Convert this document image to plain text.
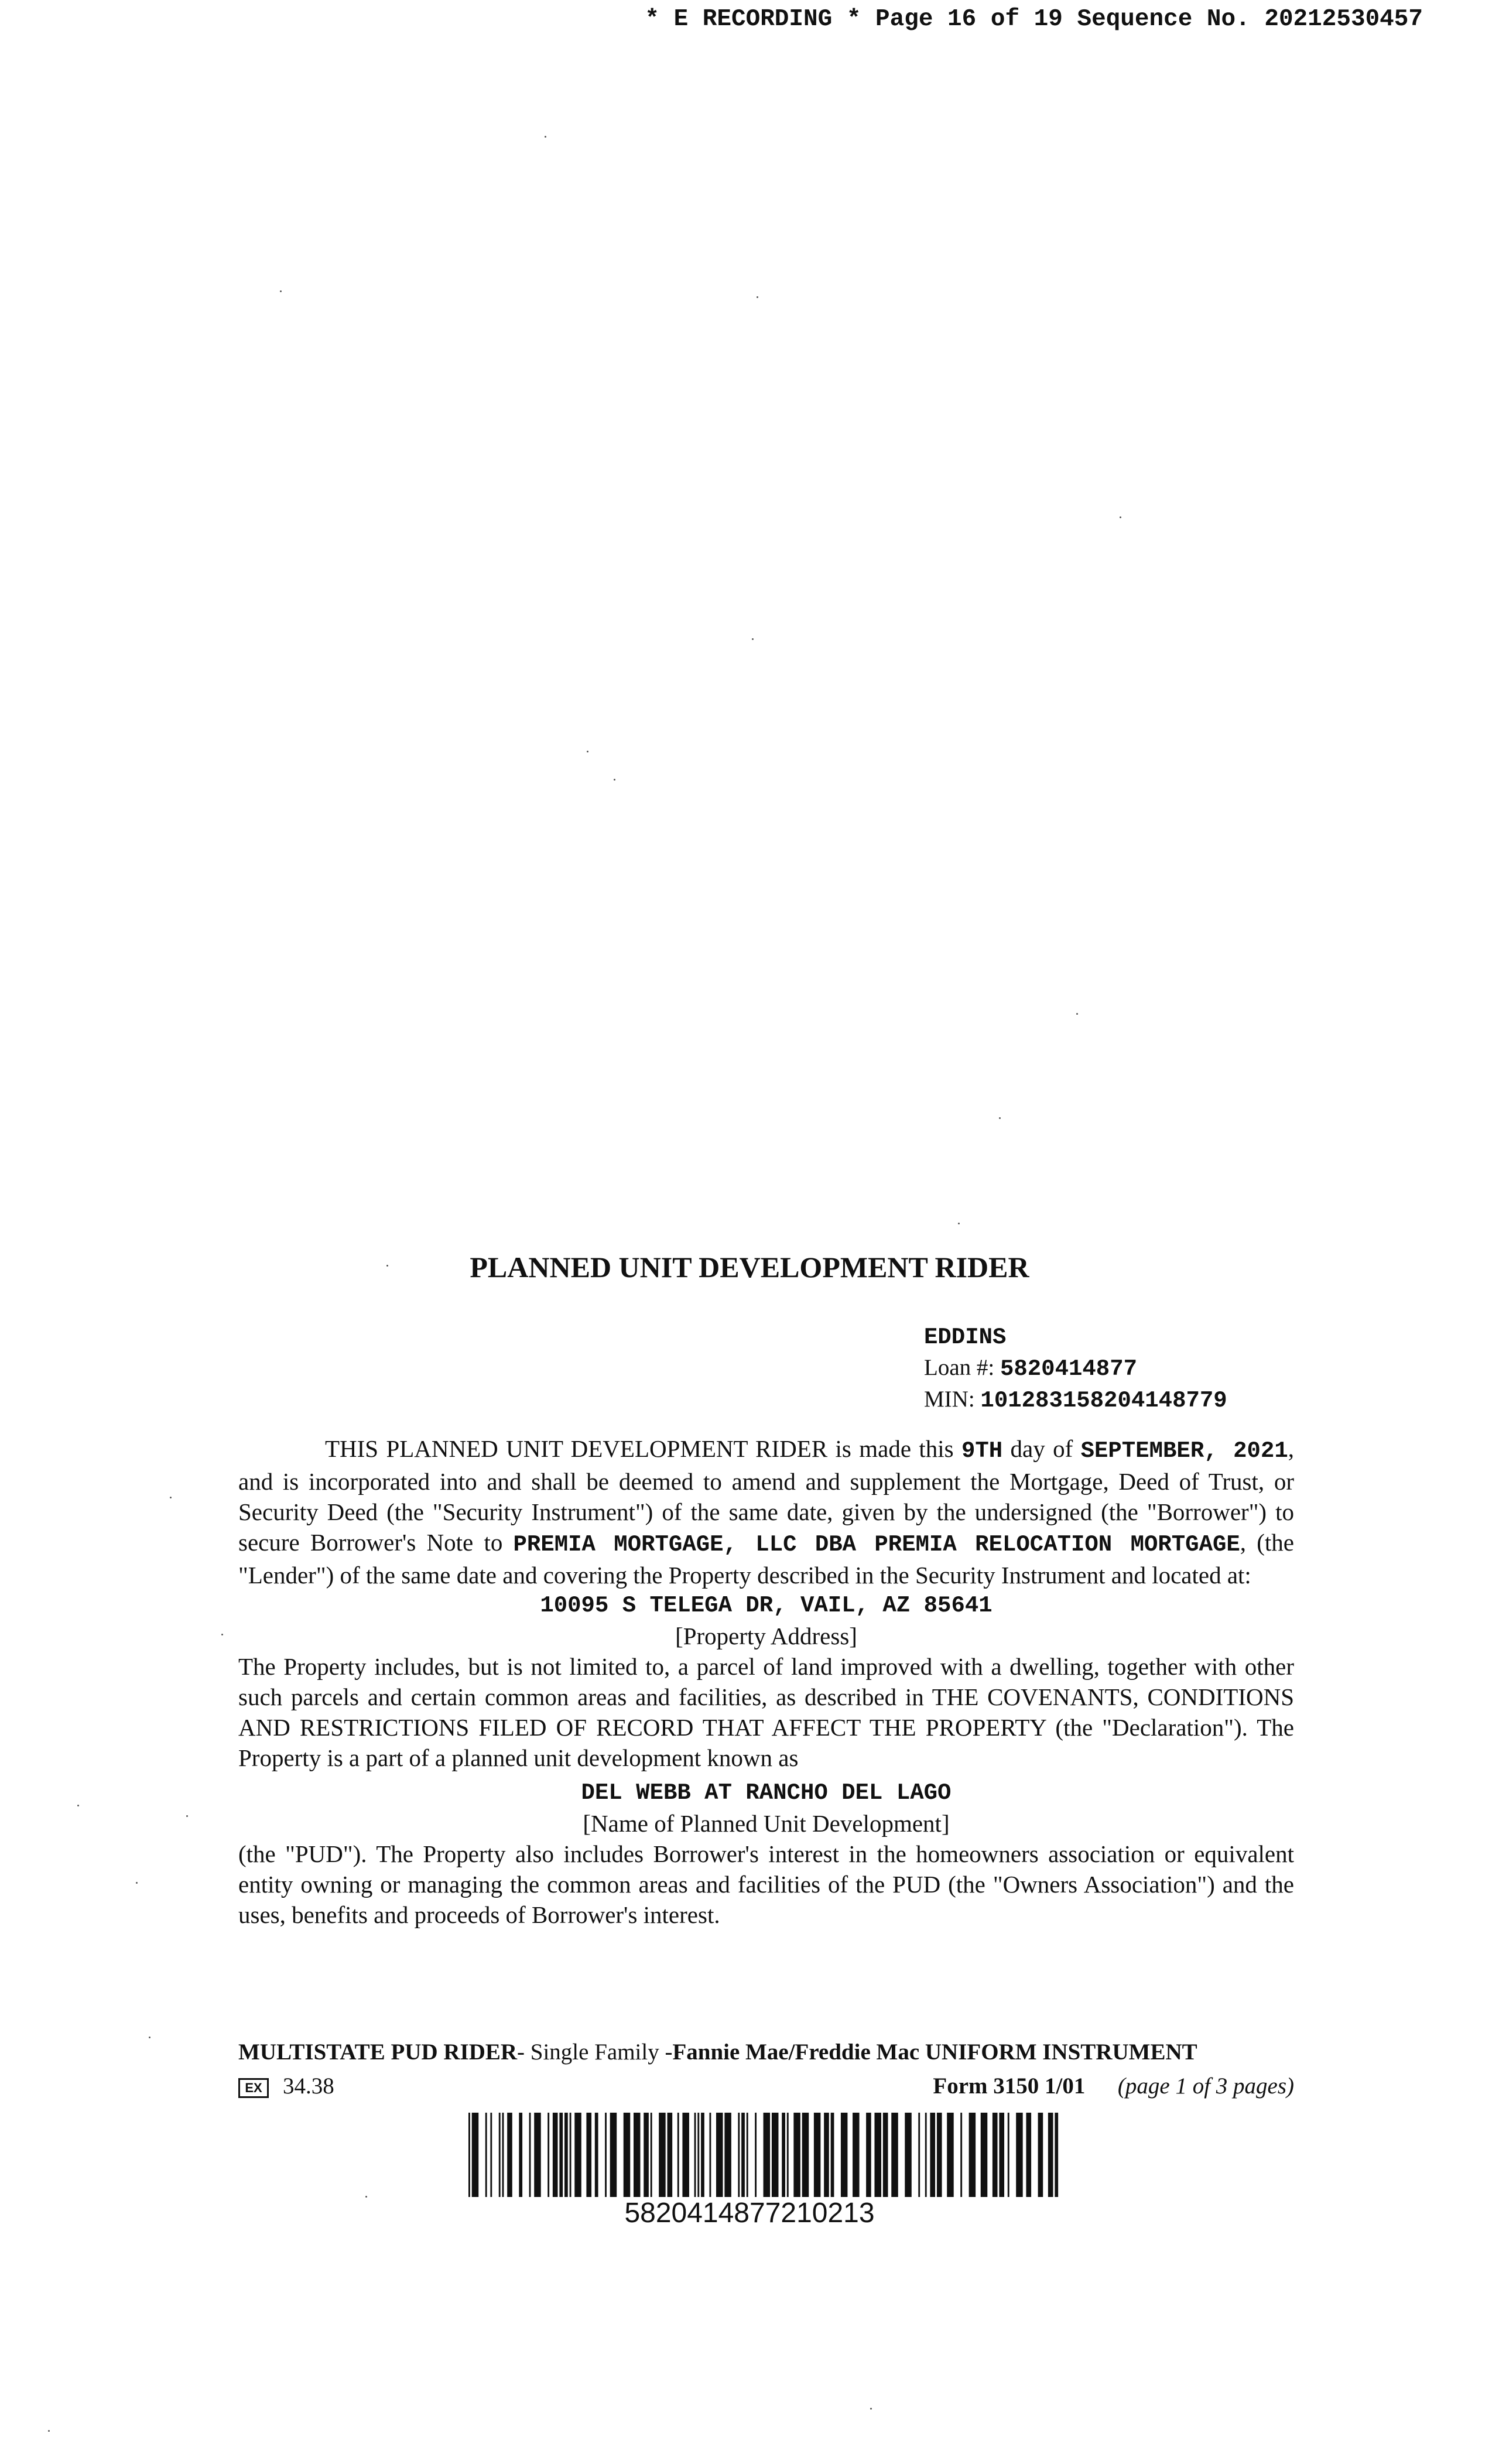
* E RECORDING * Page 16 of 19 Sequence No. 20212530457
PLANNED UNIT DEVELOPMENT RIDER
EDDINS
Loan #: 5820414877
MIN: 101283158204148779

THIS PLANNED UNIT DEVELOPMENT RIDER is made this 9TH day of SEPTEMBER, 2021, and is incorporated into and shall be deemed to amend and supplement the Mortgage, Deed of Trust, or Security Deed (the "Security Instrument") of the same date, given by the undersigned (the "Borrower") to secure Borrower's Note to PREMIA MORTGAGE, LLC DBA PREMIA RELOCATION MORTGAGE, (the "Lender") of the same date and covering the Property described in the Security Instrument and located at:

10095 S TELEGA DR, VAIL, AZ 85641

[Property Address]

The Property includes, but is not limited to, a parcel of land improved with a dwelling, together with other such parcels and certain common areas and facilities, as described in THE COVENANTS, CONDITIONS AND RESTRICTIONS FILED OF RECORD THAT AFFECT THE PROPERTY (the "Declaration"). The Property is a part of a planned unit development known as

DEL WEBB AT RANCHO DEL LAGO

[Name of Planned Unit Development]

(the "PUD"). The Property also includes Borrower's interest in the homeowners association or equivalent entity owning or managing the common areas and facilities of the PUD (the "Owners Association") and the uses, benefits and proceeds of Borrower's interest.

MULTISTATE PUD RIDER- Single Family -Fannie Mae/Freddie Mac UNIFORM INSTRUMENT
EX 34.38	Form 3150 1/01 (page 1 of 3 pages)
5820414877210213
